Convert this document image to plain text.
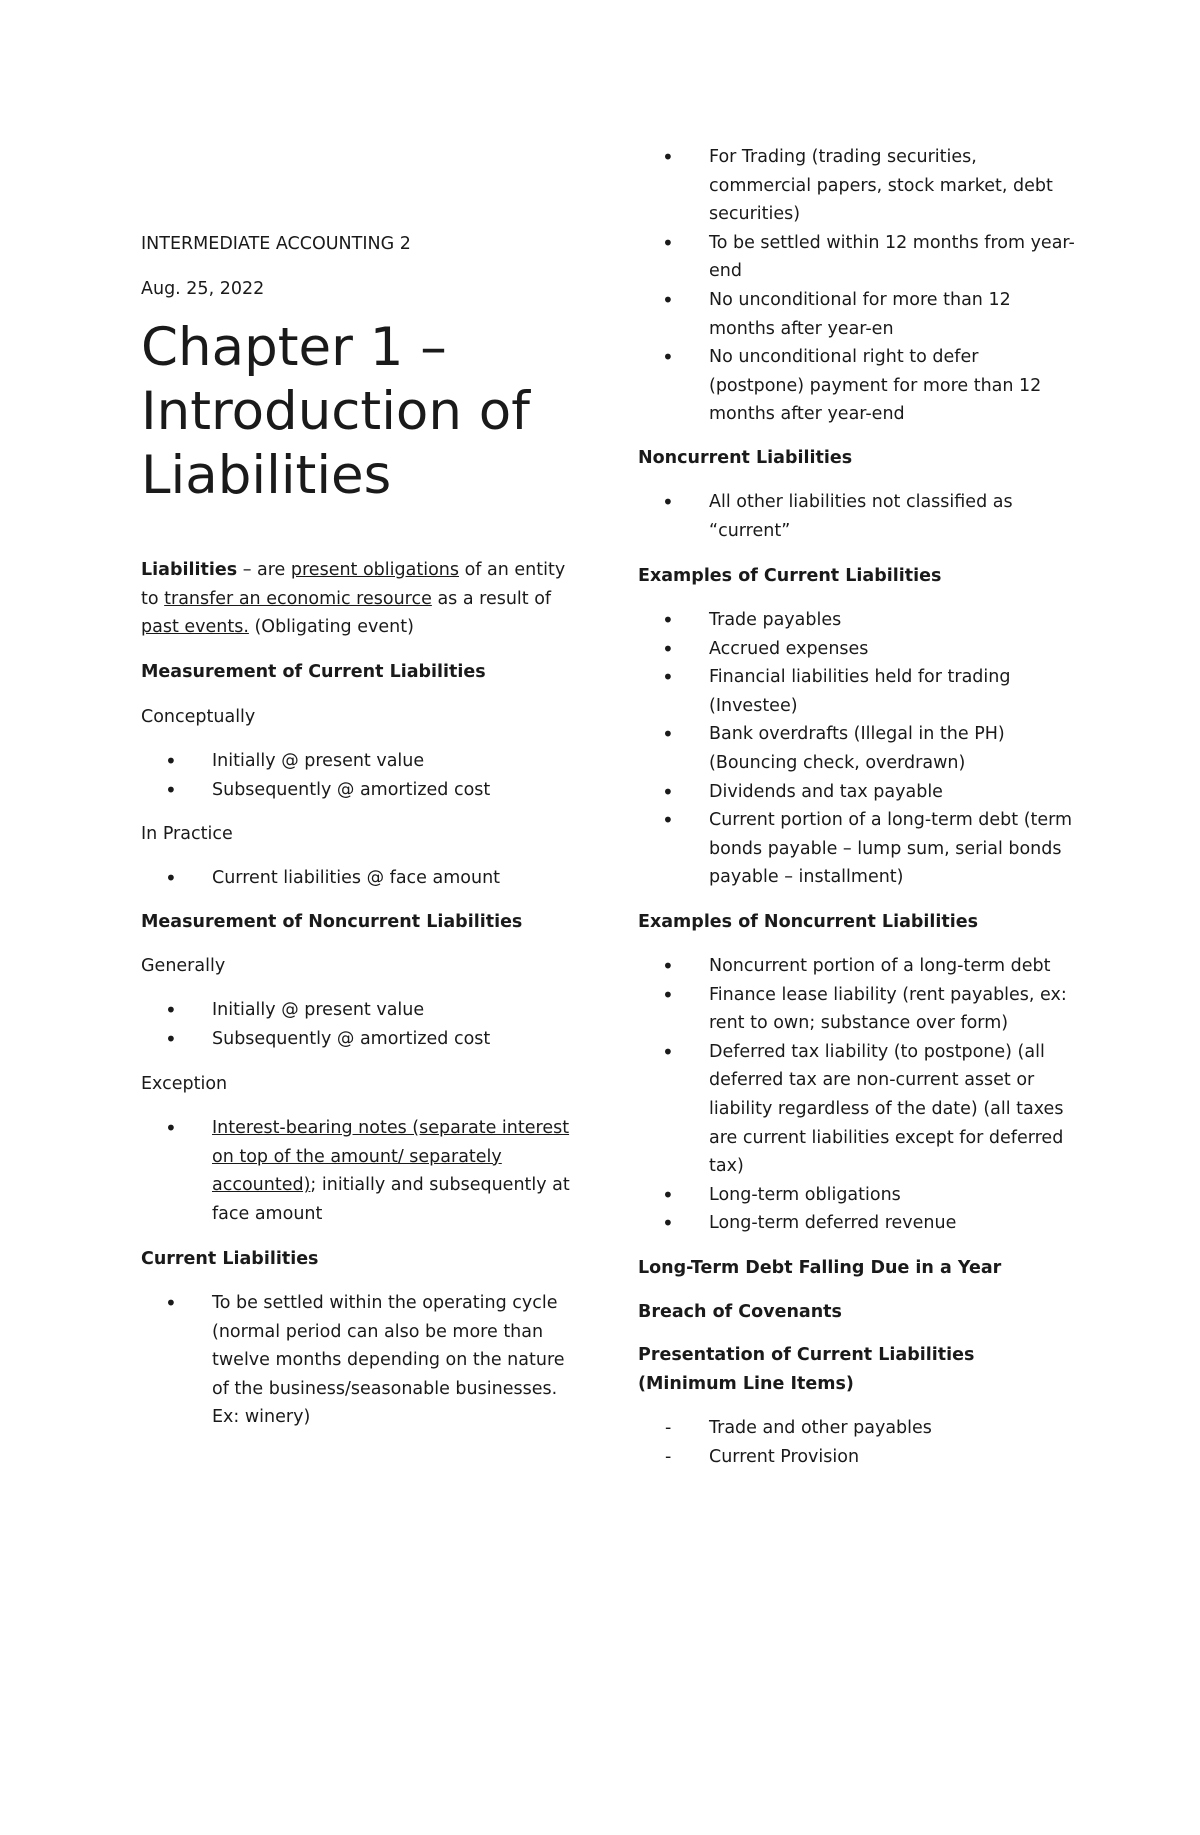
INTERMEDIATE ACCOUNTING 2

Aug. 25, 2022

Chapter 1 – Introduction of Liabilities

Liabilities – are present obligations of an entity to transfer an economic resource as a result of past events. (Obligating event)

Measurement of Current Liabilities

Conceptually

• Initially @ present value
• Subsequently @ amortized cost

In Practice

• Current liabilities @ face amount

Measurement of Noncurrent Liabilities

Generally

• Initially @ present value
• Subsequently @ amortized cost

Exception

• Interest-bearing notes (separate interest on top of the amount/ separately accounted); initially and subsequently at face amount

Current Liabilities

• To be settled within the operating cycle (normal period can also be more than twelve months depending on the nature of the business/seasonable businesses. Ex: winery)
• For Trading (trading securities, commercial papers, stock market, debt securities)
• To be settled within 12 months from year-end
• No unconditional for more than 12 months after year-en
• No unconditional right to defer (postpone) payment for more than 12 months after year-end

Noncurrent Liabilities

• All other liabilities not classified as “current”

Examples of Current Liabilities

• Trade payables
• Accrued expenses
• Financial liabilities held for trading (Investee)
• Bank overdrafts (Illegal in the PH) (Bouncing check, overdrawn)
• Dividends and tax payable
• Current portion of a long-term debt (term bonds payable – lump sum, serial bonds payable – installment)

Examples of Noncurrent Liabilities

• Noncurrent portion of a long-term debt
• Finance lease liability (rent payables, ex: rent to own; substance over form)
• Deferred tax liability (to postpone) (all deferred tax are non-current asset or liability regardless of the date) (all taxes are current liabilities except for deferred tax)
• Long-term obligations
• Long-term deferred revenue

Long-Term Debt Falling Due in a Year

Breach of Covenants

Presentation of Current Liabilities (Minimum Line Items)

- Trade and other payables
- Current Provision
